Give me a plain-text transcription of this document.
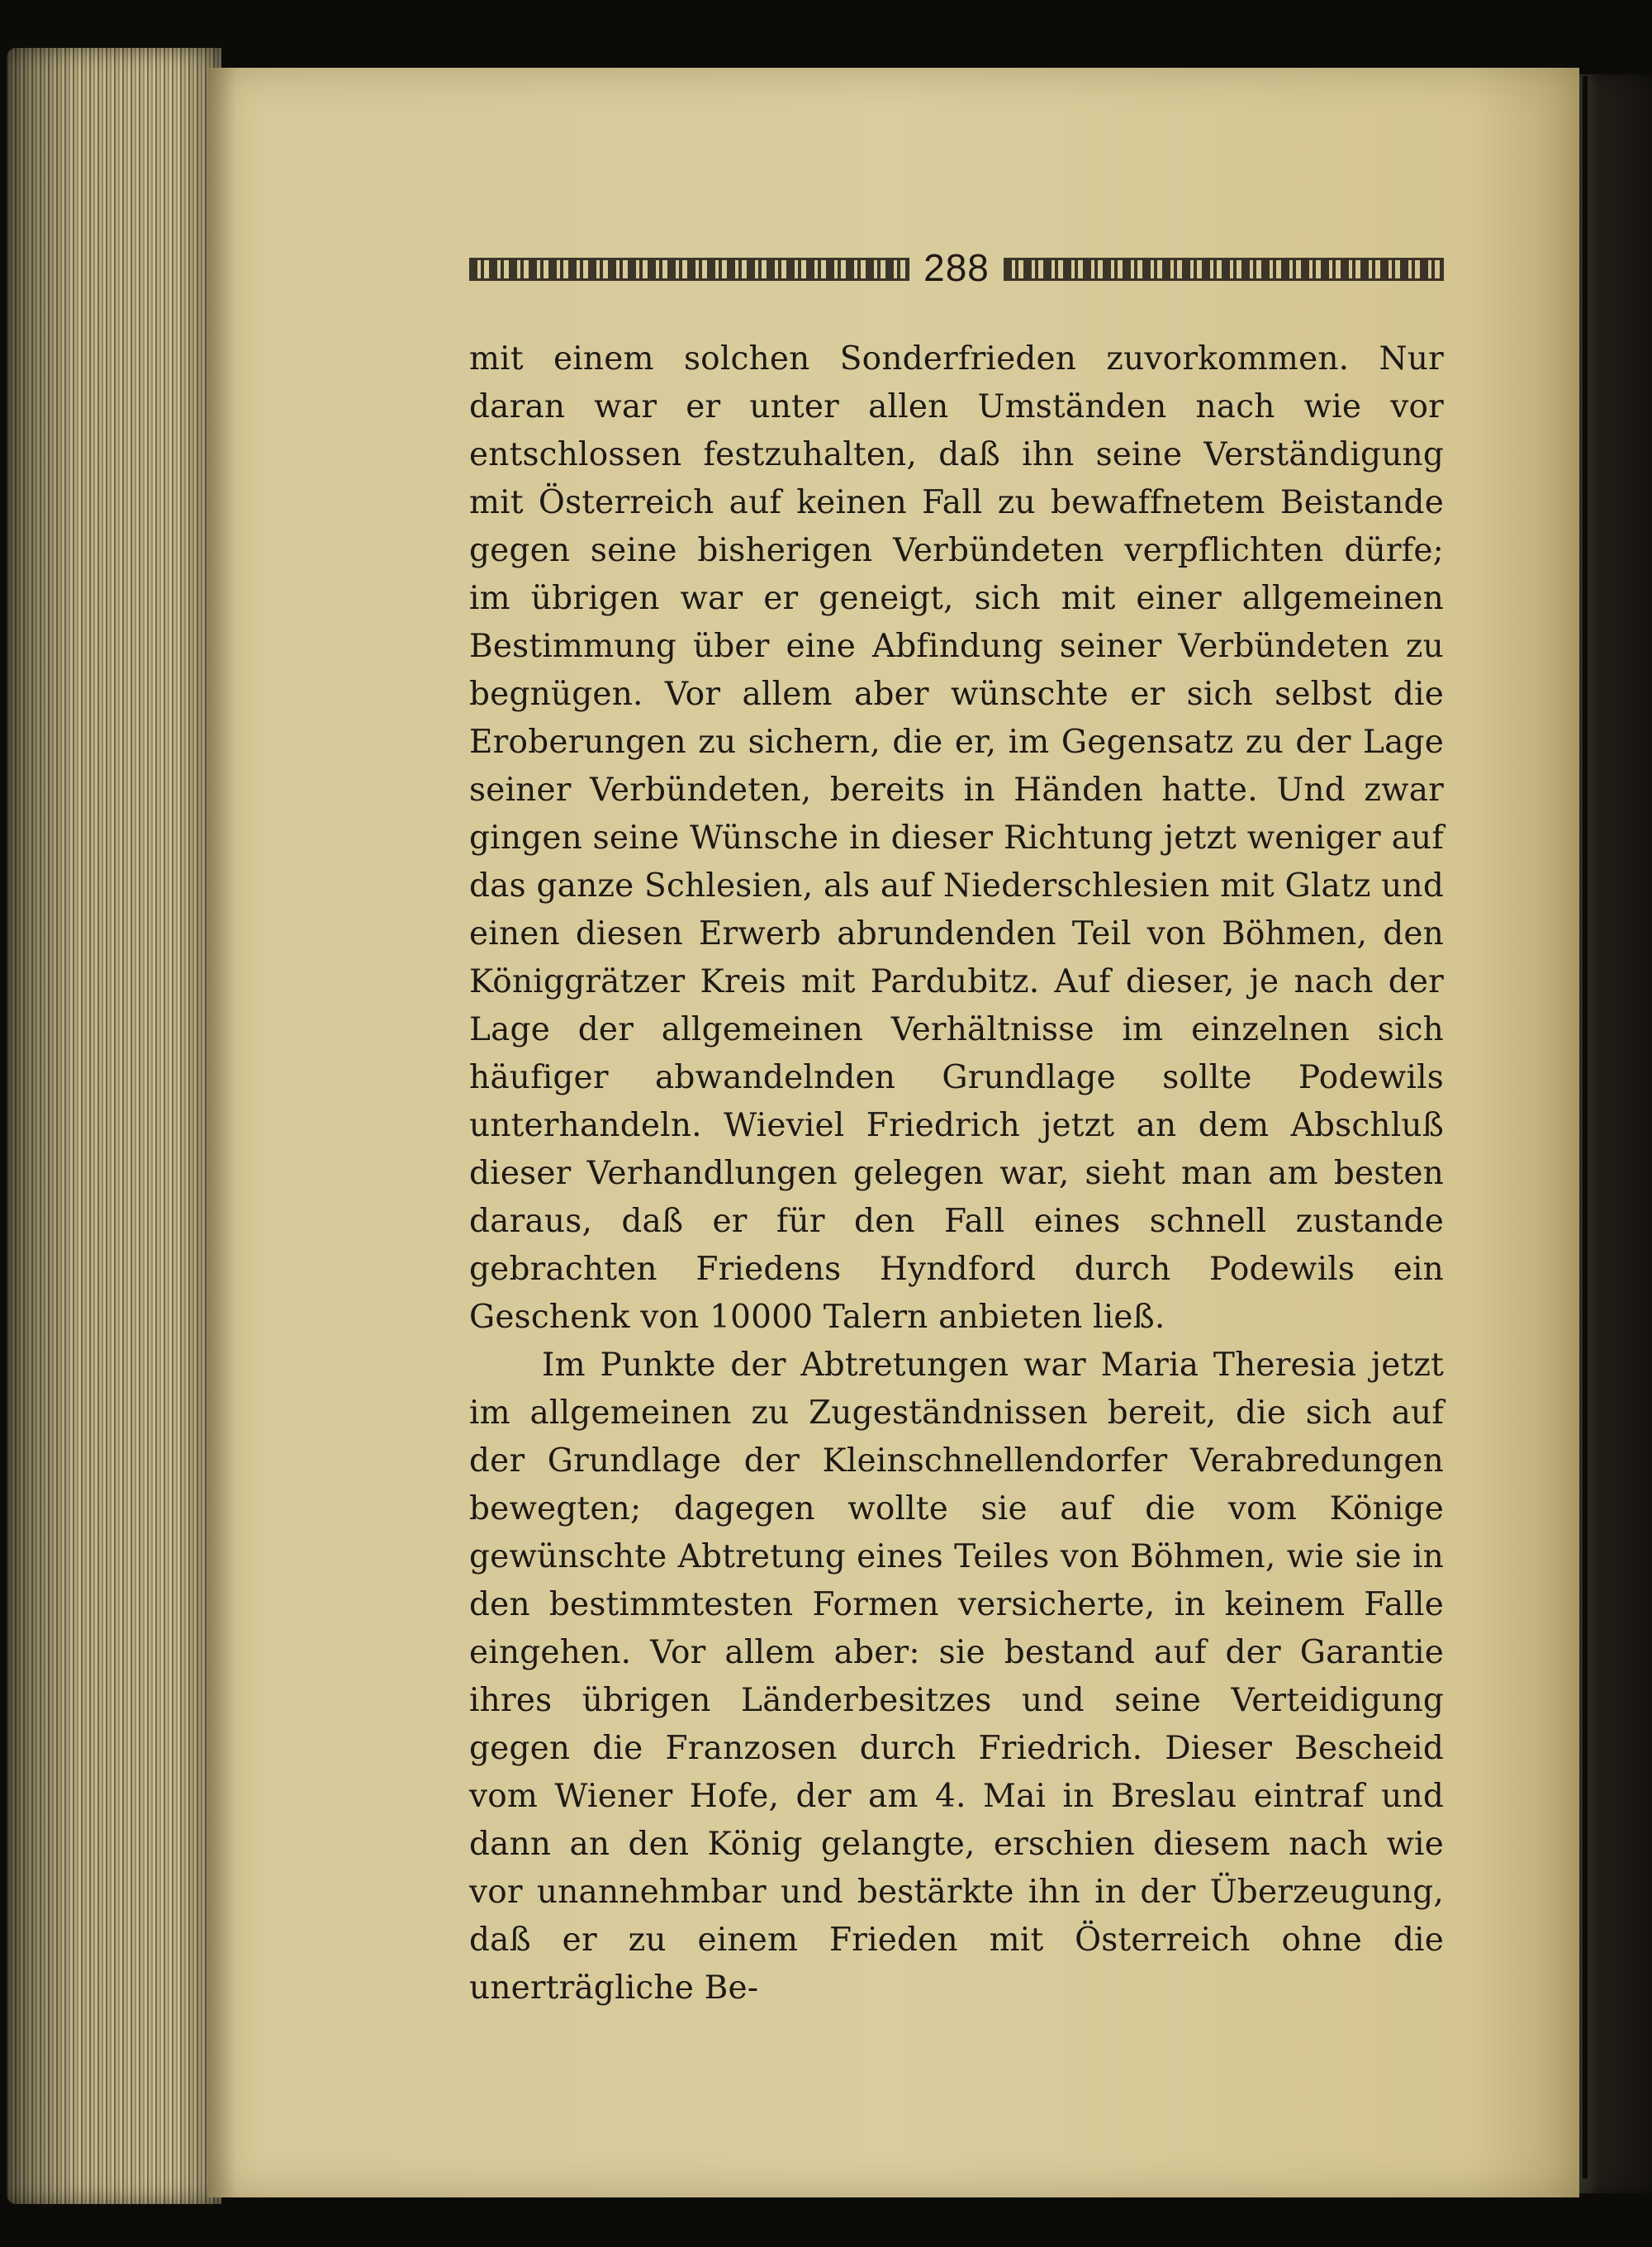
288

mit einem solchen Sonderfrieden zuvorkommen. Nur daran war er unter allen Umständen nach wie vor entschlossen festzuhalten, daß ihn seine Verständigung mit Österreich auf keinen Fall zu bewaffnetem Beistande gegen seine bisherigen Verbündeten verpflichten dürfe; im übrigen war er geneigt, sich mit einer allgemeinen Bestimmung über eine Abfindung seiner Verbündeten zu begnügen. Vor allem aber wünschte er sich selbst die Eroberungen zu sichern, die er, im Gegensatz zu der Lage seiner Verbündeten, bereits in Händen hatte. Und zwar gingen seine Wünsche in dieser Richtung jetzt weniger auf das ganze Schlesien, als auf Niederschlesien mit Glatz und einen diesen Erwerb abrundenden Teil von Böhmen, den Königgrätzer Kreis mit Pardubitz. Auf dieser, je nach der Lage der allgemeinen Verhältnisse im einzelnen sich häufiger abwandelnden Grundlage sollte Podewils unterhandeln. Wieviel Friedrich jetzt an dem Abschluß dieser Verhandlungen gelegen war, sieht man am besten daraus, daß er für den Fall eines schnell zustande gebrachten Friedens Hyndford durch Podewils ein Geschenk von 10000 Talern anbieten ließ.

Im Punkte der Abtretungen war Maria Theresia jetzt im allgemeinen zu Zugeständnissen bereit, die sich auf der Grundlage der Kleinschnellendorfer Verabredungen bewegten; dagegen wollte sie auf die vom Könige gewünschte Abtretung eines Teiles von Böhmen, wie sie in den bestimmtesten Formen versicherte, in keinem Falle eingehen. Vor allem aber: sie bestand auf der Garantie ihres übrigen Länderbesitzes und seine Verteidigung gegen die Franzosen durch Friedrich. Dieser Bescheid vom Wiener Hofe, der am 4. Mai in Breslau eintraf und dann an den König gelangte, erschien diesem nach wie vor unannehmbar und bestärkte ihn in der Überzeugung, daß er zu einem Frieden mit Österreich ohne die unerträgliche Be-
